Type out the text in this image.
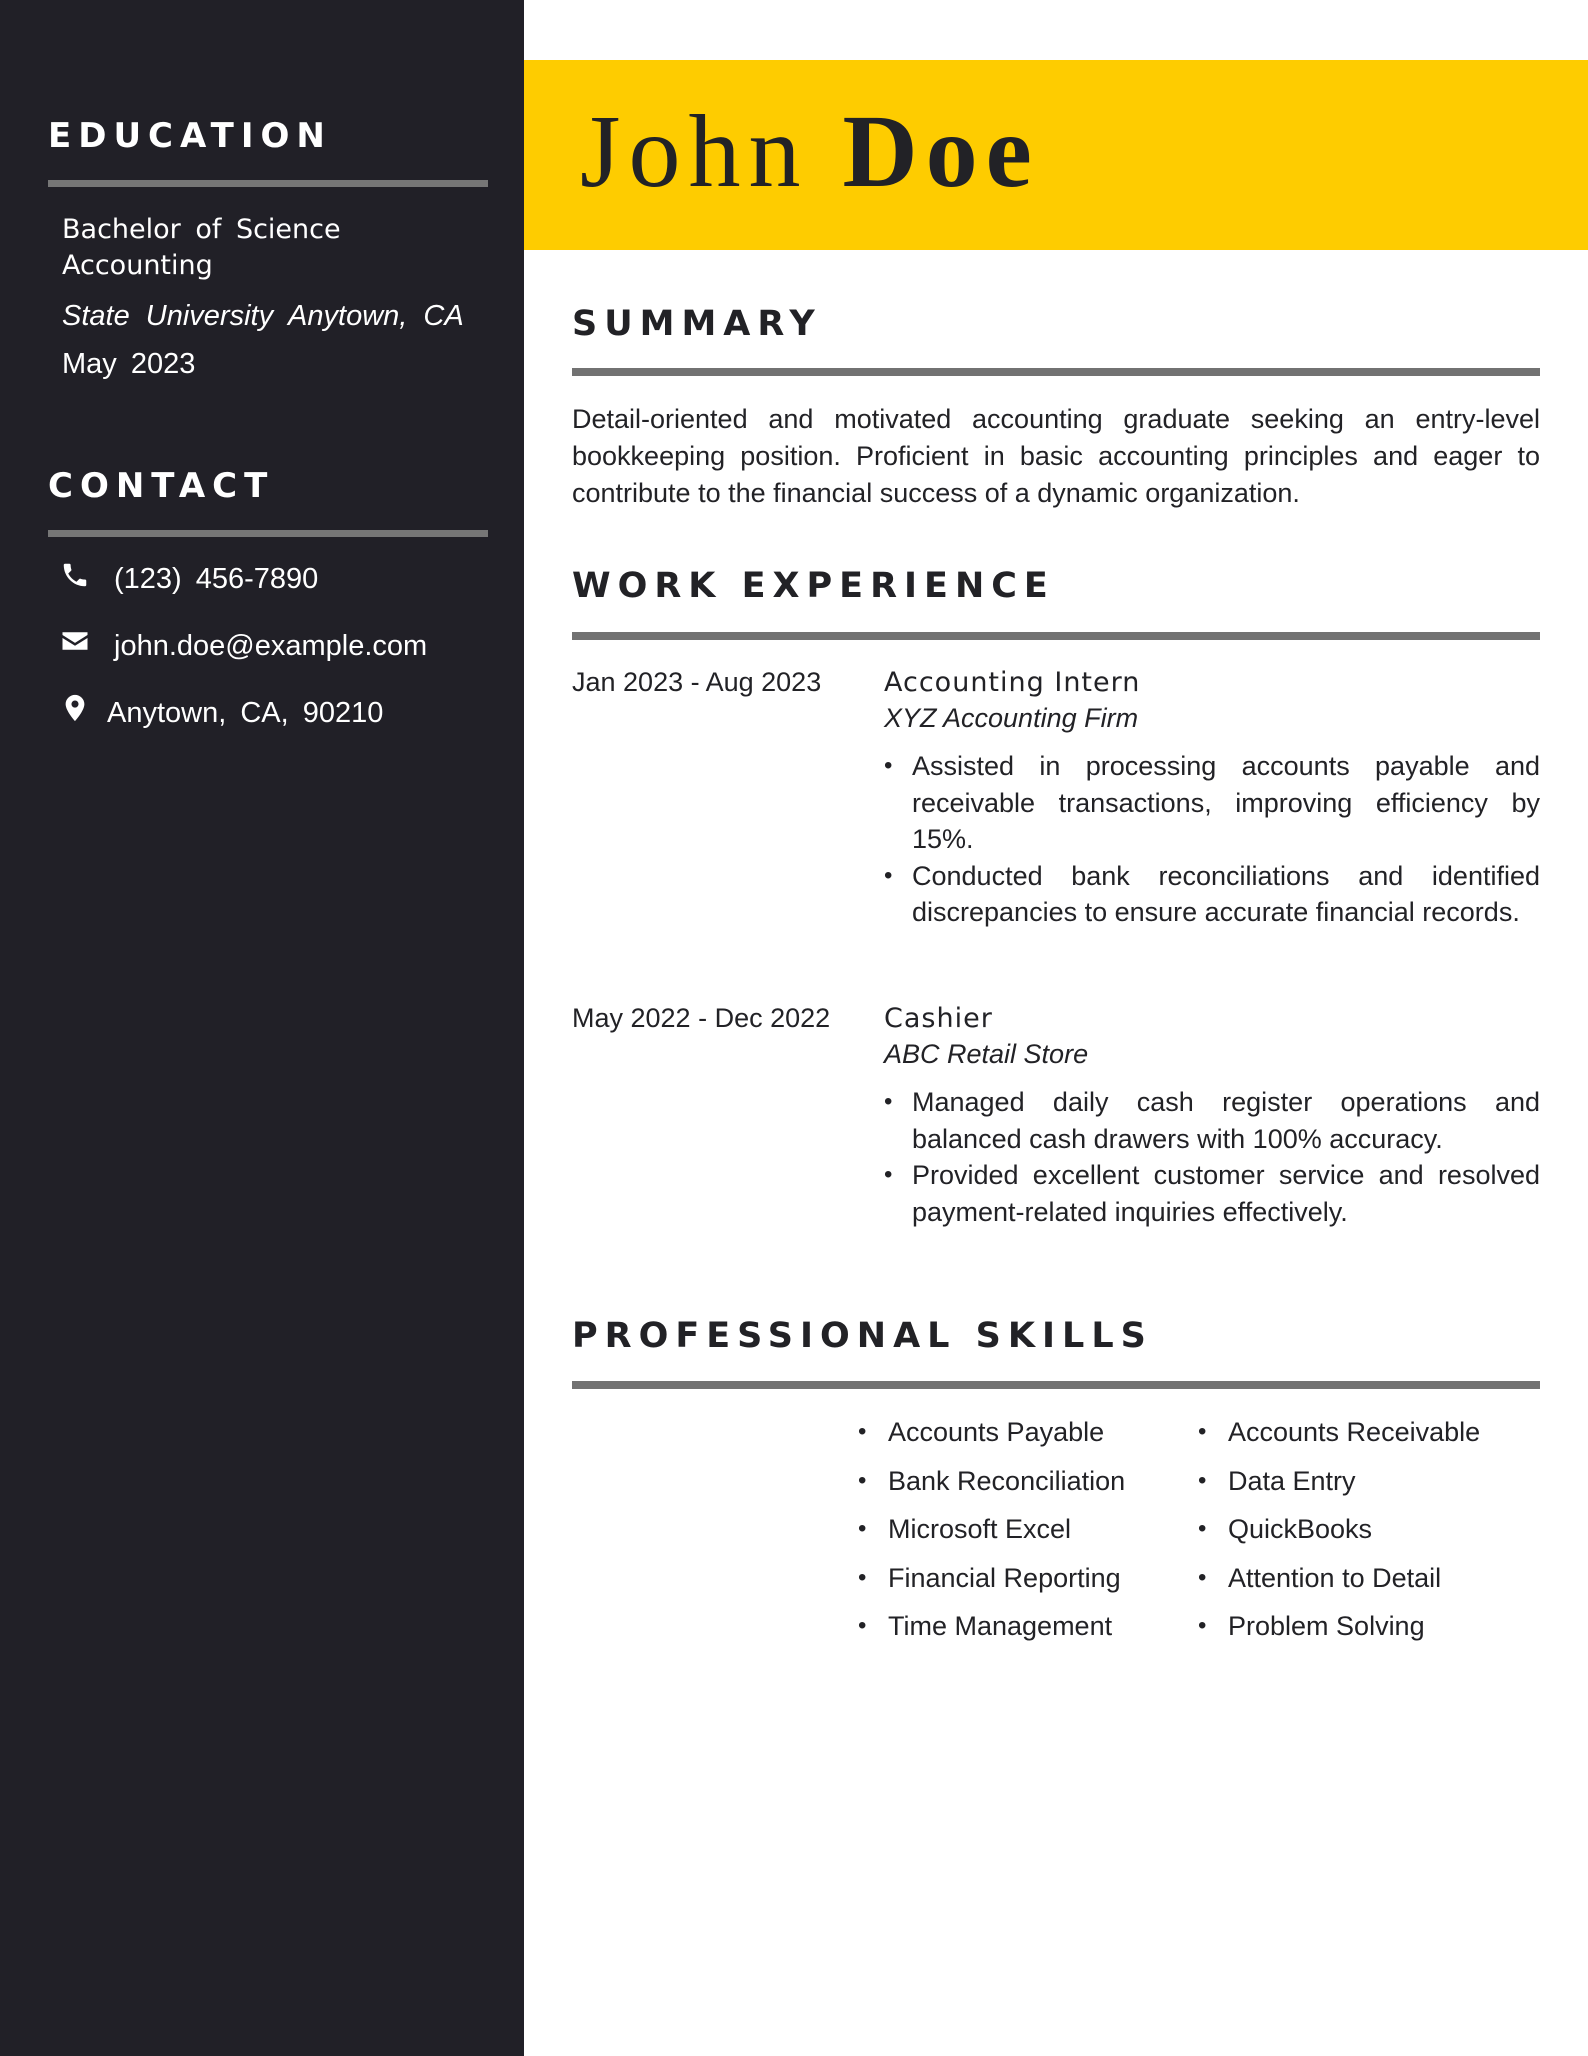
EDUCATION
Bachelor of Science
Accounting
State University Anytown, CA
May 2023
CONTACT
(123) 456-7890
john.doe@example.com
Anytown, CA, 90210
John Doe
SUMMARY
Detail-oriented and motivated accounting graduate seeking an entry-level bookkeeping position. Proficient in basic accounting principles and eager to contribute to the financial success of a dynamic organization.
WORK EXPERIENCE
Jan 2023 - Aug 2023 Accounting Intern
XYZ Accounting Firm
• Assisted in processing accounts payable and receivable transactions, improving efficiency by 15%.
• Conducted bank reconciliations and identified discrepancies to ensure accurate financial records.
May 2022 - Dec 2022 Cashier
ABC Retail Store
• Managed daily cash register operations and balanced cash drawers with 100% accuracy.
• Provided excellent customer service and resolved payment-related inquiries effectively.
PROFESSIONAL SKILLS
• Accounts Payable
• Bank Reconciliation
• Microsoft Excel
• Financial Reporting
• Time Management
• Accounts Receivable
• Data Entry
• QuickBooks
• Attention to Detail
• Problem Solving
